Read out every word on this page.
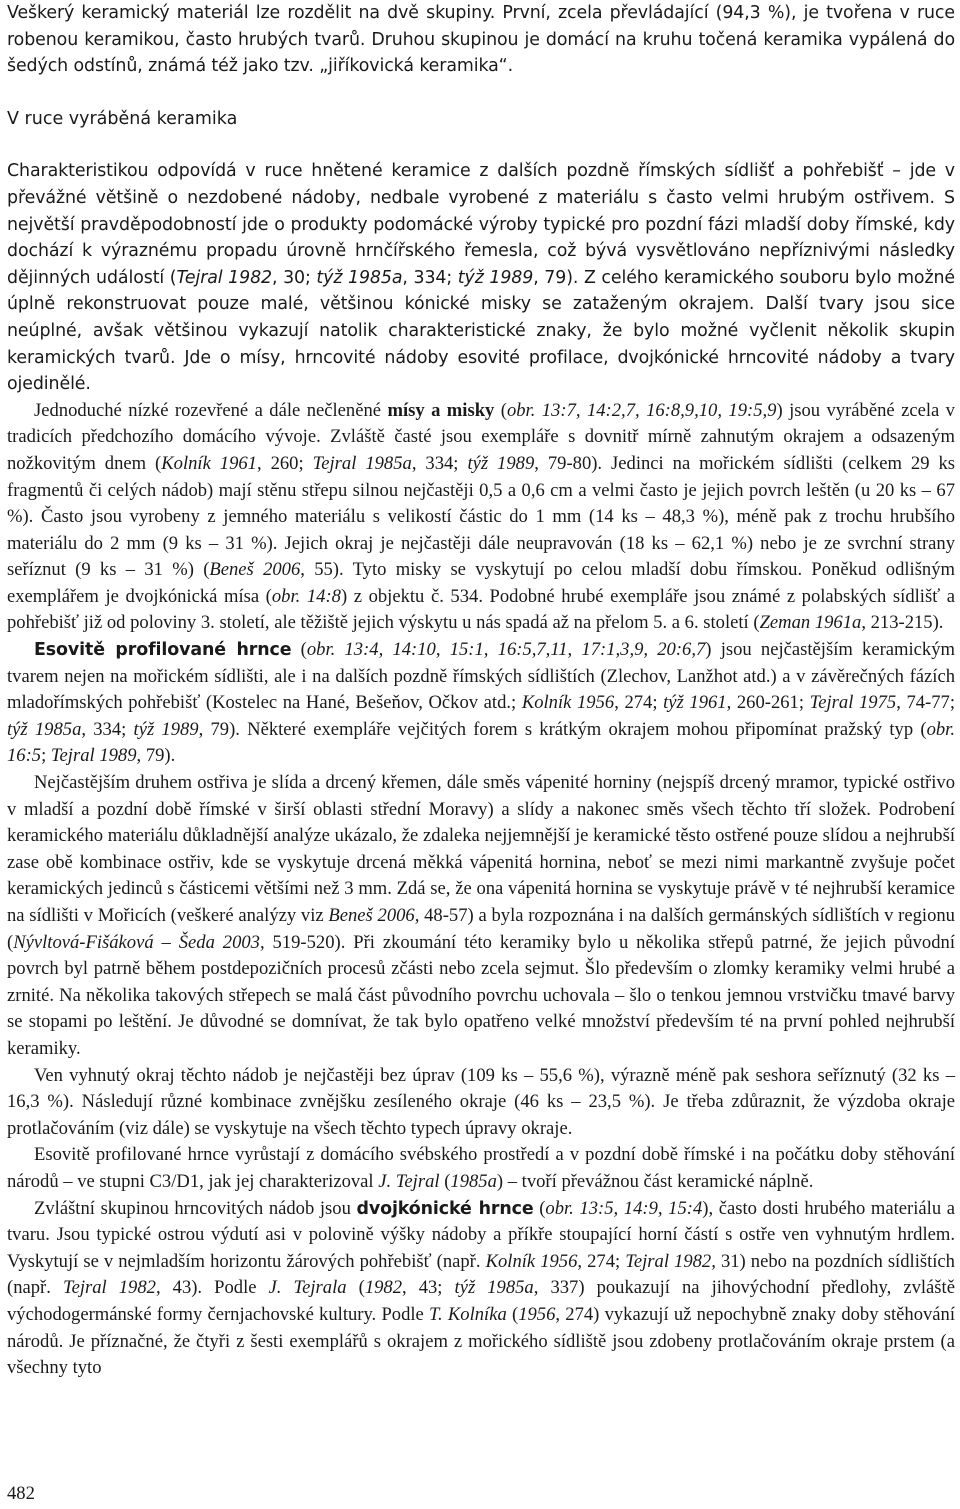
Veškerý keramický materiál lze rozdělit na dvě skupiny. První, zcela převládající (94,3 %), je tvořena v ruce robenou keramikou, často hrubých tvarů. Druhou skupinou je domácí na kruhu točená keramika vypálená do šedých odstínů, známá též jako tzv. „jiříkovická keramika“.

V ruce vyráběná keramika

Charakteristikou odpovídá v ruce hnětené keramice z dalších pozdně římských sídlišť a pohřebišť – jde v převážné většině o nezdobené nádoby, nedbale vyrobené z materiálu s často velmi hrubým ostřivem. S největší pravděpodobností jde o produkty podomácké výroby typické pro pozdní fázi mladší doby římské, kdy dochází k výraznému propadu úrovně hrnčířského řemesla, což bývá vysvětlováno nepříznivými následky dějinných událostí (Tejral 1982, 30; týž 1985a, 334; týž 1989, 79). Z celého keramického souboru bylo možné úplně rekonstruovat pouze malé, většinou kónické misky se zataženým okrajem. Další tvary jsou sice neúplné, avšak většinou vykazují natolik charakteristické znaky, že bylo možné vyčlenit několik skupin keramických tvarů. Jde o mísy, hrncovité nádoby esovité profilace, dvojkónické hrncovité nádoby a tvary ojedinělé.

Jednoduché nízké rozevřené a dále nečleněné mísy a misky (obr. 13:7, 14:2,7, 16:8,9,10, 19:5,9) jsou vyráběné zcela v tradicích předchozího domácího vývoje. Zvláště časté jsou exempláře s dovnitř mírně zahnutým okrajem a odsazeným nožkovitým dnem (Kolník 1961, 260; Tejral 1985a, 334; týž 1989, 79-80). Jedinci na mořickém sídlišti (celkem 29 ks fragmentů či celých nádob) mají stěnu střepu silnou nejčastěji 0,5 a 0,6 cm a velmi často je jejich povrch leštěn (u 20 ks – 67 %). Často jsou vyrobeny z jemného materiálu s velikostí částic do 1 mm (14 ks – 48,3 %), méně pak z trochu hrubšího materiálu do 2 mm (9 ks – 31 %). Jejich okraj je nejčastěji dále neupravován (18 ks – 62,1 %) nebo je ze svrchní strany seříznut (9 ks – 31 %) (Beneš 2006, 55). Tyto misky se vyskytují po celou mladší dobu římskou. Poněkud odlišným exemplářem je dvojkónická mísa (obr. 14:8) z objektu č. 534. Podobné hrubé exempláře jsou známé z polabských sídlišť a pohřebišť již od poloviny 3. století, ale těžiště jejich výskytu u nás spadá až na přelom 5. a 6. století (Zeman 1961a, 213-215).

Esovitě profilované hrnce (obr. 13:4, 14:10, 15:1, 16:5,7,11, 17:1,3,9, 20:6,7) jsou nejčastějším keramickým tvarem nejen na mořickém sídlišti, ale i na dalších pozdně římských sídlištích (Zlechov, Lanžhot atd.) a v závěrečných fázích mladořímských pohřebišť (Kostelec na Hané, Bešeňov, Očkov atd.; Kolník 1956, 274; týž 1961, 260-261; Tejral 1975, 74-77; týž 1985a, 334; týž 1989, 79). Některé exempláře vejčitých forem s krátkým okrajem mohou připomínat pražský typ (obr. 16:5; Tejral 1989, 79).

Nejčastějším druhem ostřiva je slída a drcený křemen, dále směs vápenité horniny (nejspíš drcený mramor, typické ostřivo v mladší a pozdní době římské v širší oblasti střední Moravy) a slídy a nakonec směs všech těchto tří složek. Podrobení keramického materiálu důkladnější analýze ukázalo, že zdaleka nejjemnější je keramické těsto ostřené pouze slídou a nejhrubší zase obě kombinace ostřiv, kde se vyskytuje drcená měkká vápenitá hornina, neboť se mezi nimi markantně zvyšuje počet keramických jedinců s částicemi většími než 3 mm. Zdá se, že ona vápenitá hornina se vyskytuje právě v té nejhrubší keramice na sídlišti v Mořicích (veškeré analýzy viz Beneš 2006, 48-57) a byla rozpoznána i na dalších germánských sídlištích v regionu (Nývltová-Fišáková – Šeda 2003, 519-520). Při zkoumání této keramiky bylo u několika střepů patrné, že jejich původní povrch byl patrně během postdepozičních procesů zčásti nebo zcela sejmut. Šlo především o zlomky keramiky velmi hrubé a zrnité. Na několika takových střepech se malá část původního povrchu uchovala – šlo o tenkou jemnou vrstvičku tmavé barvy se stopami po leštění. Je důvodné se domnívat, že tak bylo opatřeno velké množství především té na první pohled nejhrubší keramiky.

Ven vyhnutý okraj těchto nádob je nejčastěji bez úprav (109 ks – 55,6 %), výrazně méně pak seshora seříznutý (32 ks – 16,3 %). Následují různé kombinace zvnějšku zesíleného okraje (46 ks – 23,5 %). Je třeba zdůraznit, že výzdoba okraje protlačováním (viz dále) se vyskytuje na všech těchto typech úpravy okraje.

Esovitě profilované hrnce vyrůstají z domácího svébského prostředí a v pozdní době římské i na počátku doby stěhování národů – ve stupni C3/D1, jak jej charakterizoval J. Tejral (1985a) – tvoří převážnou část keramické náplně.

Zvláštní skupinou hrncovitých nádob jsou dvojkónické hrnce (obr. 13:5, 14:9, 15:4), často dosti hrubého materiálu a tvaru. Jsou typické ostrou výdutí asi v polovině výšky nádoby a příkře stoupající horní částí s ostře ven vyhnutým hrdlem. Vyskytují se v nejmladším horizontu žárových pohřebišť (např. Kolník 1956, 274; Tejral 1982, 31) nebo na pozdních sídlištích (např. Tejral 1982, 43). Podle J. Tejrala (1982, 43; týž 1985a, 337) poukazují na jihovýchodní předlohy, zvláště východogermánské formy černjachovské kultury. Podle T. Kolníka (1956, 274) vykazují už nepochybně znaky doby stěhování národů. Je příznačné, že čtyři z šesti exemplářů s okrajem z mořického sídliště jsou zdobeny protlačováním okraje prstem (a všechny tyto

482
